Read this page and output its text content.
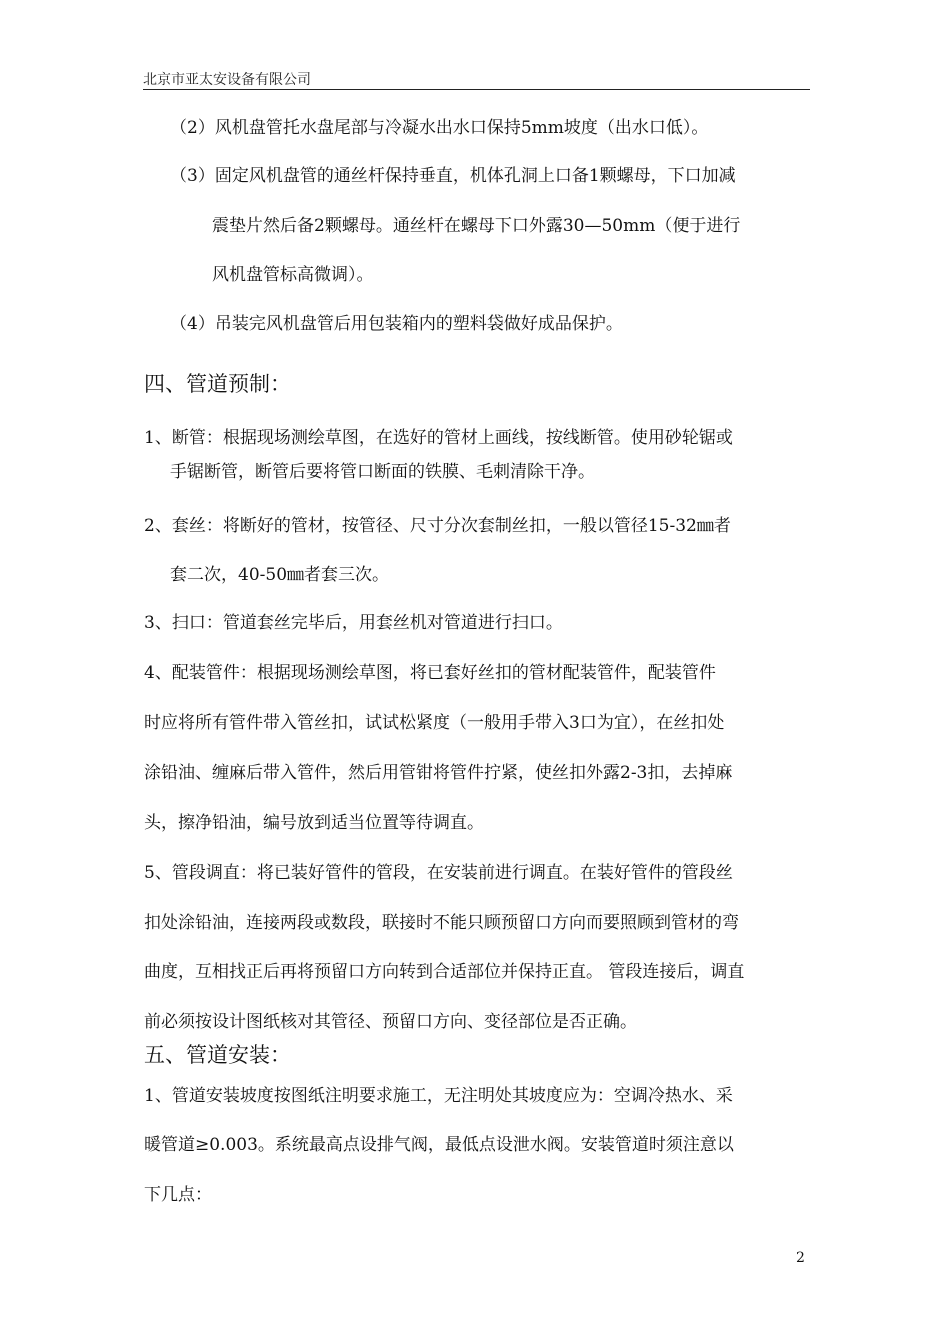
北京市亚太安设备有限公司
（2）风机盘管托水盘尾部与冷凝水出水口保持5mm坡度（出水口低）。
（3）固定风机盘管的通丝杆保持垂直，机体孔洞上口备1颗螺母，下口加减
震垫片然后备2颗螺母。通丝杆在螺母下口外露30—50mm（便于进行
风机盘管标高微调）。
（4）吊装完风机盘管后用包装箱内的塑料袋做好成品保护。
四、管道预制：
1、断管：根据现场测绘草图，在选好的管材上画线，按线断管。使用砂轮锯或
手锯断管，断管后要将管口断面的铁膜、毛刺清除干净。
2、套丝：将断好的管材，按管径、尺寸分次套制丝扣，一般以管径15-32㎜者
套二次，40-50㎜者套三次。
3、扫口：管道套丝完毕后，用套丝机对管道进行扫口。
4、配装管件：根据现场测绘草图，将已套好丝扣的管材配装管件，配装管件
时应将所有管件带入管丝扣，试试松紧度（一般用手带入3口为宜），在丝扣处
涂铅油、缠麻后带入管件，然后用管钳将管件拧紧，使丝扣外露2-3扣，去掉麻
头，擦净铅油，编号放到适当位置等待调直。
5、管段调直：将已装好管件的管段，在安装前进行调直。在装好管件的管段丝
扣处涂铅油，连接两段或数段，联接时不能只顾预留口方向而要照顾到管材的弯
曲度，互相找正后再将预留口方向转到合适部位并保持正直。 管段连接后，调直
前必须按设计图纸核对其管径、预留口方向、变径部位是否正确。
五、管道安装：
1、管道安装坡度按图纸注明要求施工，无注明处其坡度应为：空调冷热水、采
暖管道≥0.003。系统最高点设排气阀，最低点设泄水阀。安装管道时须注意以
下几点：
2
